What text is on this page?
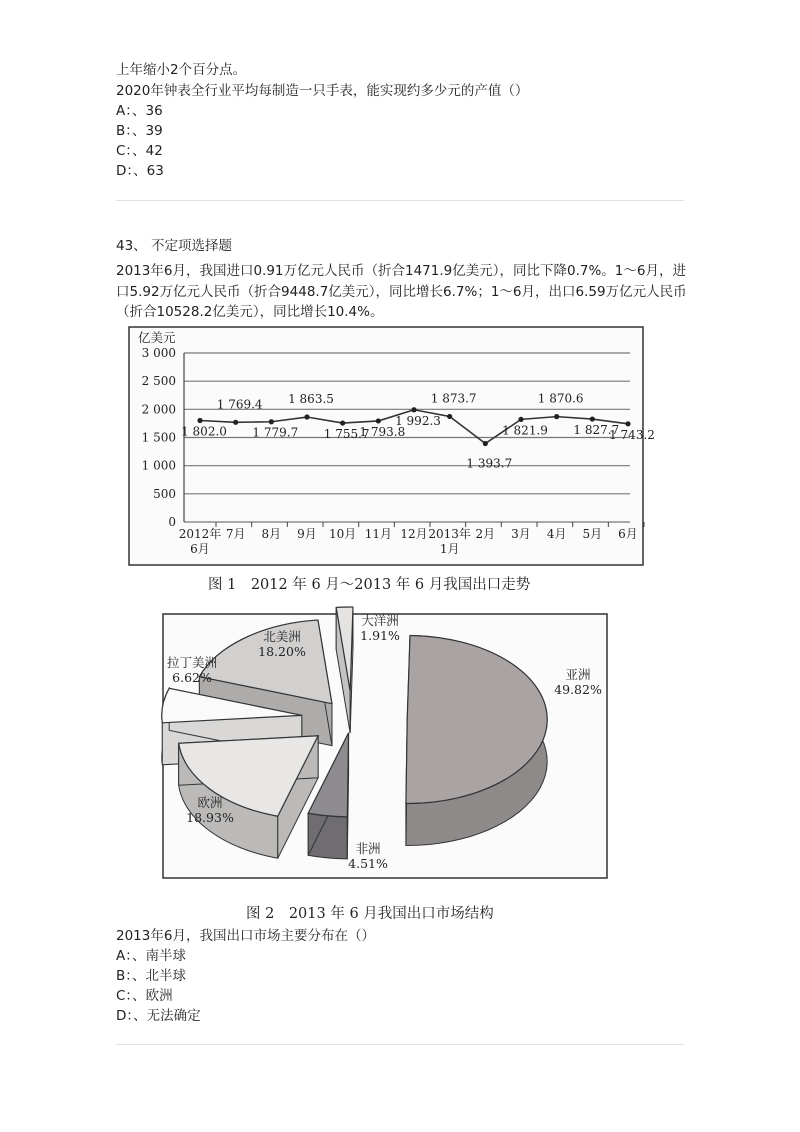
上年缩小2个百分点。
2020年钟表全行业平均每制造一只手表，能实现约多少元的产值（）
A：、36
B：、39
C：、42
D：、63
43、 不定项选择题
2013年6月，我国进口0.91万亿元人民币（折合1471.9亿美元），同比下降0.7%。1～6月，进口5.92万亿元人民币（折合9448.7亿美元），同比增长6.7%；1～6月，出口6.59万亿元人民币（折合10528.2亿美元），同比增长10.4%。
0
500
1 000
1 500
2 000
2 500
3 000
2012年
6月
7月 8月 9月 10月 11月 12月 2013年
1月
2月 3月 4月 5月 6月
1 802.0
1 769.4
1 779.7
1 863.5
1 755.7
1 793.8
1 992.3
1 873.7
1 393.7
1 821.9
1 870.6
1 827.7
1 743.2
亿美元
图 1　2012 年 6 月～2013 年 6 月我国出口走势
亚洲
49.82%
非洲
4.51%
欧洲
18.93%
拉丁美洲
6.62%
北美洲
18.20%
大洋洲
1.91%
图 2　2013 年 6 月我国出口市场结构
2013年6月，我国出口市场主要分布在（）
A：、南半球
B：、北半球
C：、欧洲
D：、无法确定
